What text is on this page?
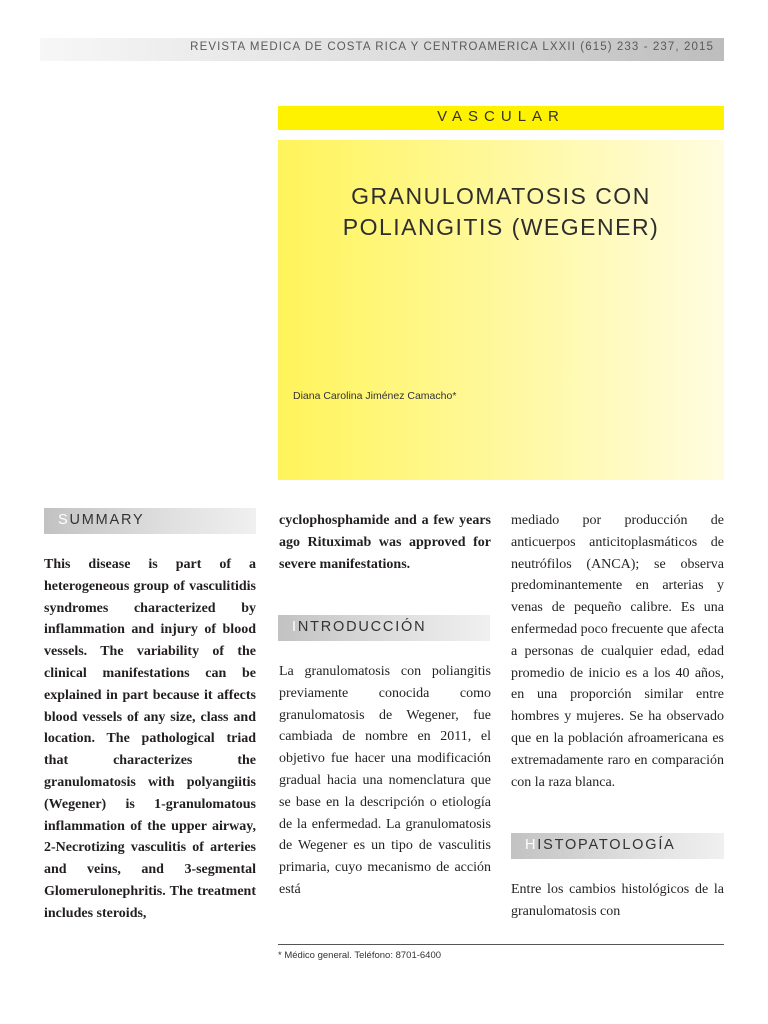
REVISTA MEDICA DE COSTA RICA Y CENTROAMERICA LXXII (615) 233 - 237, 2015
VASCULAR
GRANULOMATOSIS CON
POLIANGITIS (WEGENER)
Diana Carolina Jiménez Camacho*
SUMMARY

This disease is part of a heterogeneous group of vasculitidis syndromes characterized by inflammation and injury of blood vessels. The variability of the clinical manifestations can be explained in part because it affects blood vessels of any size, class and location. The pathological triad that characterizes the granulomatosis with polyangiitis (Wegener) is 1-granulomatous inflammation of the upper airway, 2-Necrotizing vasculitis of arteries and veins, and 3-segmental Glomerulonephritis. The treatment includes steroids,

cyclophosphamide and a few years ago Rituximab was approved for severe manifestations.

INTRODUCCIÓN

La granulomatosis con poliangitis previamente conocida como granulomatosis de Wegener, fue cambiada de nombre en 2011, el objetivo fue hacer una modificación gradual hacia una nomenclatura que se base en la descripción o etiología de la enfermedad. La granulomatosis de Wegener es un tipo de vasculitis primaria, cuyo mecanismo de acción está

mediado por producción de anticuerpos anticitoplasmáticos de neutrófilos (ANCA); se observa predominantemente en arterias y venas de pequeño calibre. Es una enfermedad poco frecuente que afecta a personas de cualquier edad, edad promedio de inicio es a los 40 años, en una proporción similar entre hombres y mujeres. Se ha observado que en la población afroamericana es extremadamente raro en comparación con la raza blanca.

HISTOPATOLOGÍA

Entre los cambios histológicos de la granulomatosis con

* Médico general. Teléfono: 8701-6400
